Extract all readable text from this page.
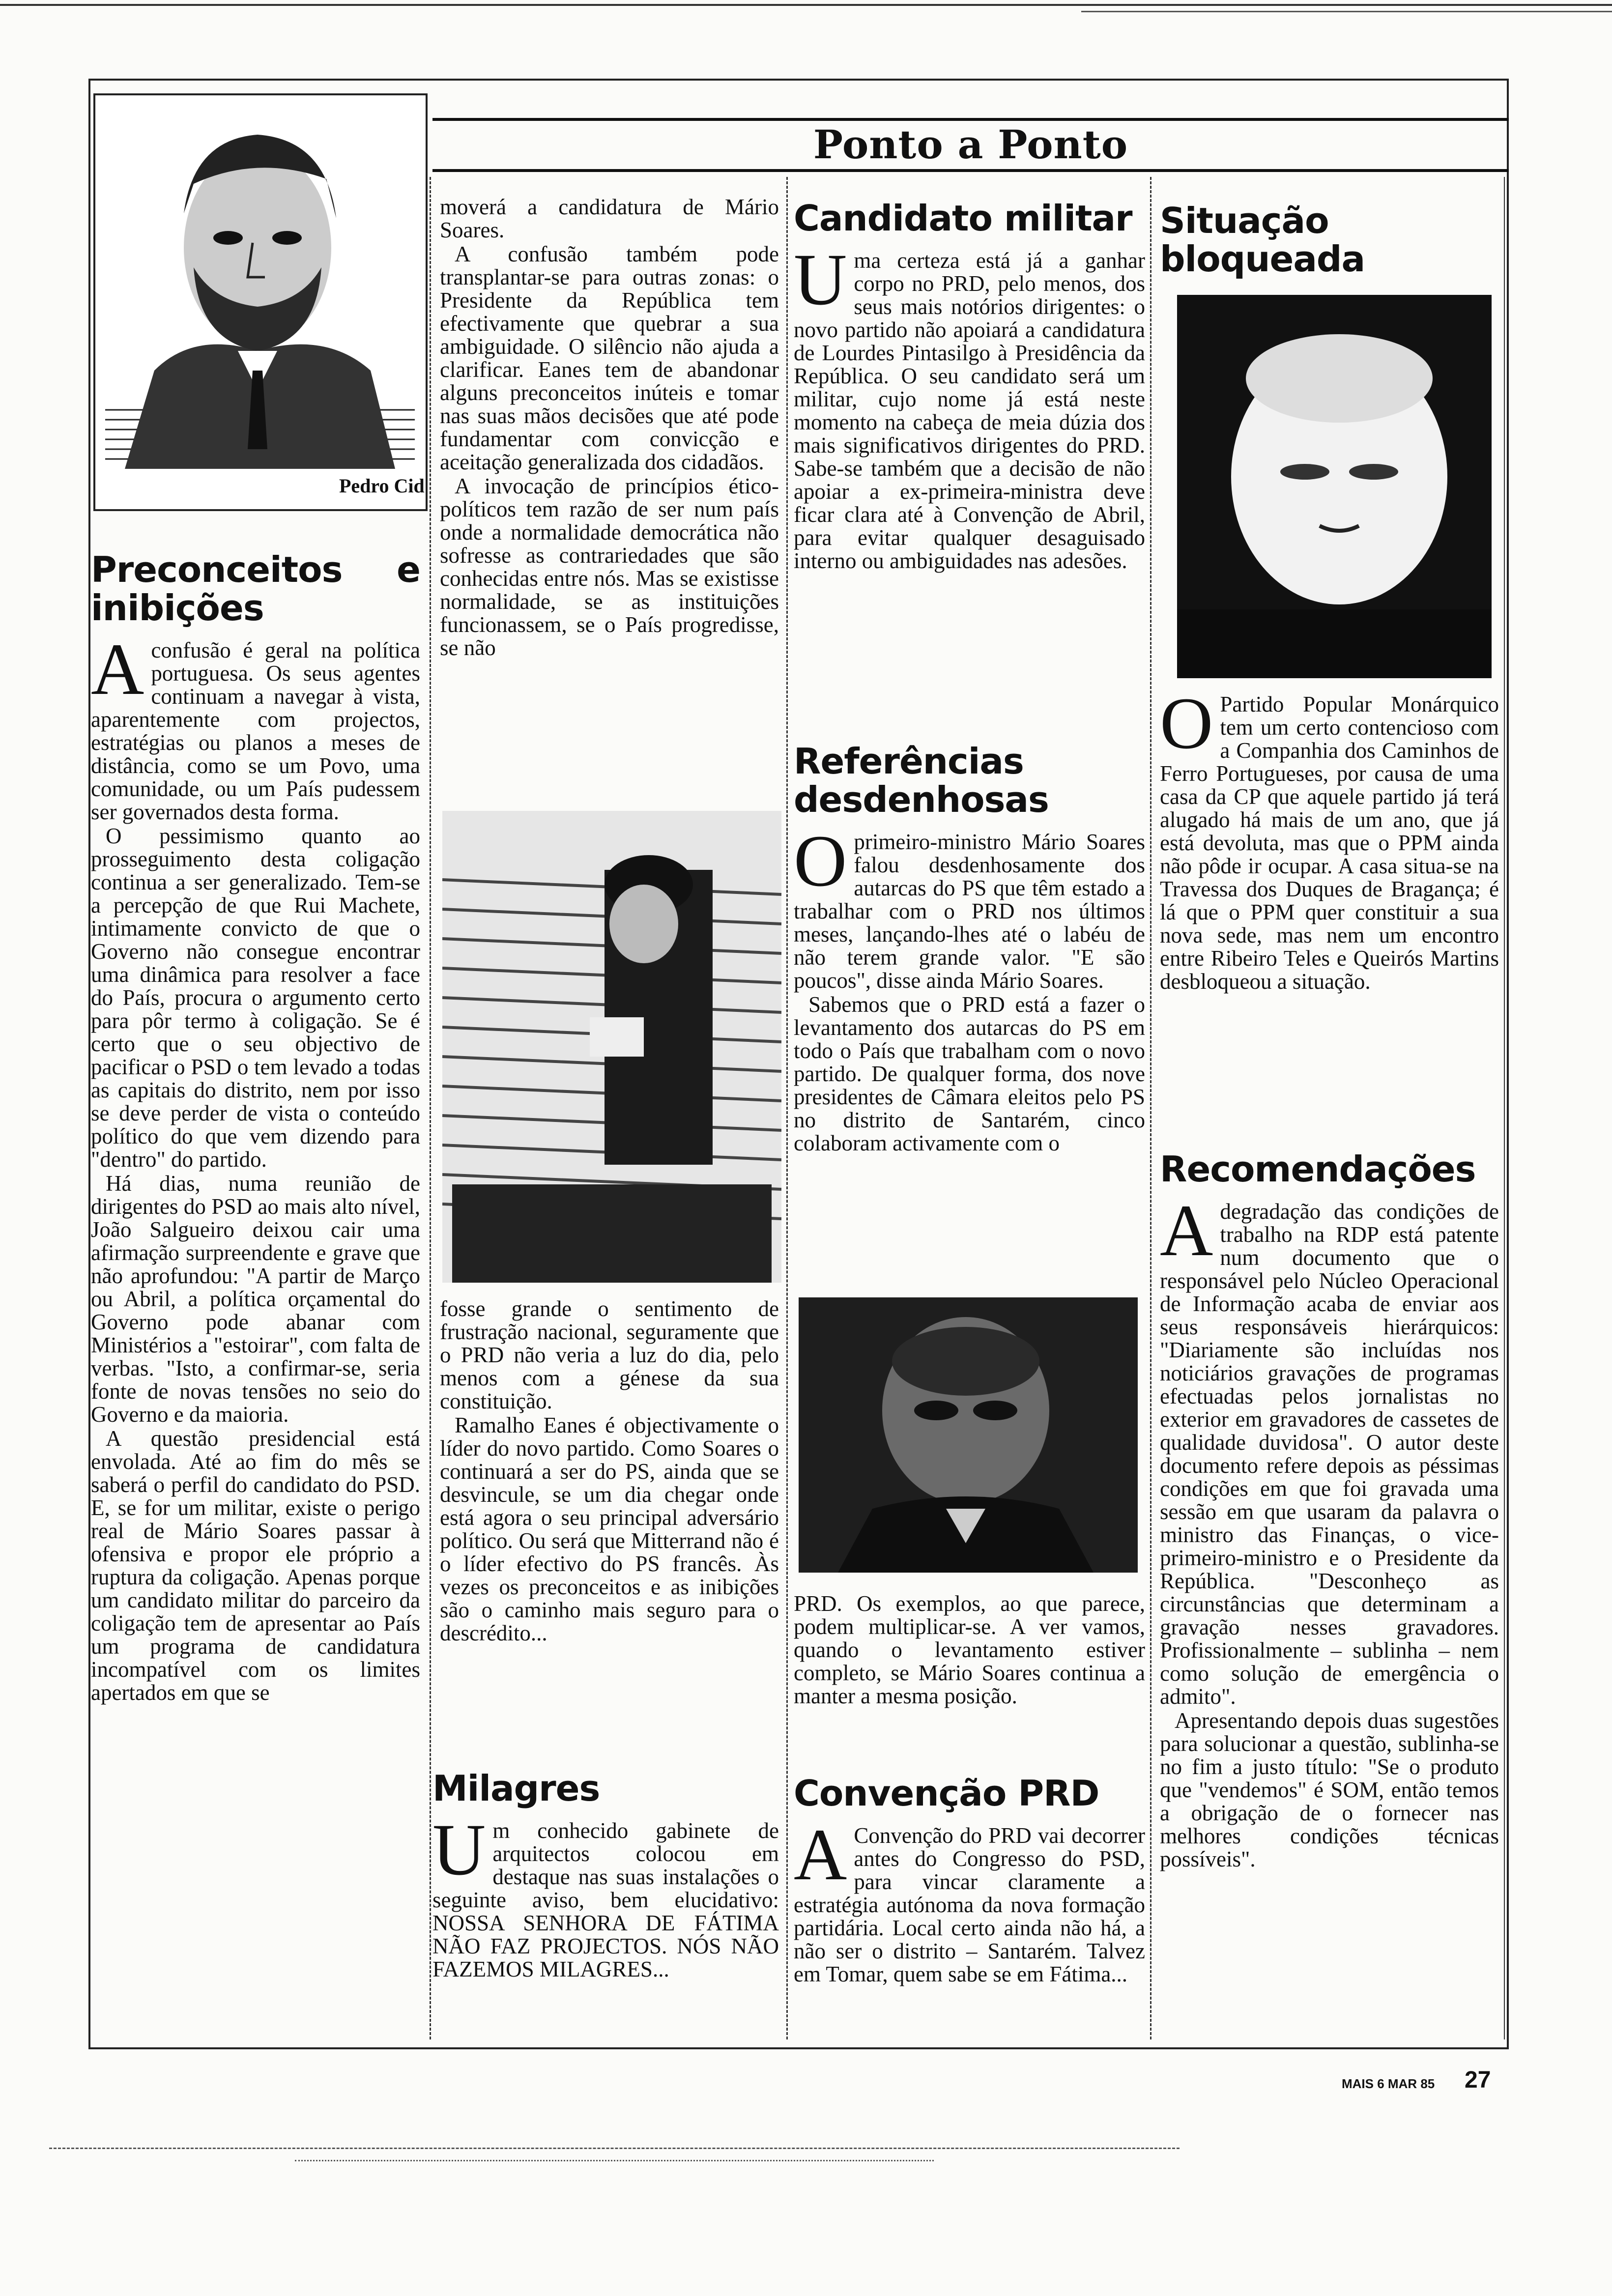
Pedro Cid
Ponto a Ponto
Preconceitos e inibições

Aconfusão é geral na política portuguesa. Os seus agentes continuam a navegar à vista, aparentemente com projectos, estratégias ou planos a meses de distância, como se um Povo, uma comunidade, ou um País pudessem ser governados desta forma.

O pessimismo quanto ao prosseguimento desta coligação continua a ser generalizado. Tem-se a percepção de que Rui Machete, intimamente convicto de que o Governo não consegue encontrar uma dinâmica para resolver a face do País, procura o argumento certo para pôr termo à coligação. Se é certo que o seu objectivo de pacificar o PSD o tem levado a todas as capitais do distrito, nem por isso se deve perder de vista o conteúdo político do que vem dizendo para "dentro" do partido.

Há dias, numa reunião de dirigentes do PSD ao mais alto nível, João Salgueiro deixou cair uma afirmação surpreendente e grave que não aprofundou: "A partir de Março ou Abril, a política orçamental do Governo pode abanar com Ministérios a "estoirar", com falta de verbas. "Isto, a confirmar-se, seria fonte de novas tensões no seio do Governo e da maioria.

A questão presidencial está envolada. Até ao fim do mês se saberá o perfil do candidato do PSD. E, se for um militar, existe o perigo real de Mário Soares passar à ofensiva e propor ele próprio a ruptura da coligação. Apenas porque um candidato militar do parceiro da coligação tem de apresentar ao País um programa de candidatura incompatível com os limites apertados em que se

moverá a candidatura de Mário Soares.

A confusão também pode transplantar-se para outras zonas: o Presidente da República tem efectivamente que quebrar a sua ambiguidade. O silêncio não ajuda a clarificar. Eanes tem de abandonar alguns preconceitos inúteis e tomar nas suas mãos decisões que até pode fundamentar com convicção e aceitação generalizada dos cidadãos.

A invocação de princípios ético-políticos tem razão de ser num país onde a normalidade democrática não sofresse as contrariedades que são conhecidas entre nós. Mas se existisse normalidade, se as instituições funcionassem, se o País progredisse, se não

fosse grande o sentimento de frustração nacional, seguramente que o PRD não veria a luz do dia, pelo menos com a génese da sua constituição.

Ramalho Eanes é objectivamente o líder do novo partido. Como Soares o continuará a ser do PS, ainda que se desvincule, se um dia chegar onde está agora o seu principal adversário político. Ou será que Mitterrand não é o líder efectivo do PS francês. Às vezes os preconceitos e as inibições são o caminho mais seguro para o descrédito...

Milagres

Um conhecido gabinete de arquitectos colocou em destaque nas suas instalações o seguinte aviso, bem elucidativo: NOSSA SENHORA DE FÁTIMA NÃO FAZ PROJECTOS. NÓS NÃO FAZEMOS MILAGRES...

Candidato militar

Uma certeza está já a ganhar corpo no PRD, pelo menos, dos seus mais notórios dirigentes: o novo partido não apoiará a candidatura de Lourdes Pintasilgo à Presidência da República. O seu candidato será um militar, cujo nome já está neste momento na cabeça de meia dúzia dos mais significativos dirigentes do PRD. Sabe-se também que a decisão de não apoiar a ex-primeira-ministra deve ficar clara até à Convenção de Abril, para evitar qualquer desaguisado interno ou ambiguidades nas adesões.

Referências desdenhosas

Oprimeiro-ministro Mário Soares falou desdenhosamente dos autarcas do PS que têm estado a trabalhar com o PRD nos últimos meses, lançando-lhes até o labéu de não terem grande valor. "E são poucos", disse ainda Mário Soares.

Sabemos que o PRD está a fazer o levantamento dos autarcas do PS em todo o País que trabalham com o novo partido. De qualquer forma, dos nove presidentes de Câmara eleitos pelo PS no distrito de Santarém, cinco colaboram activamente com o

PRD. Os exemplos, ao que parece, podem multiplicar-se. A ver vamos, quando o levantamento estiver completo, se Mário Soares continua a manter a mesma posição.

Convenção PRD

A Convenção do PRD vai decorrer antes do Congresso do PSD, para vincar claramente a estratégia autónoma da nova formação partidária. Local certo ainda não há, a não ser o distrito – Santarém. Talvez em Tomar, quem sabe se em Fátima...

Situação bloqueada

O Partido Popular Monárquico tem um certo contencioso com a Companhia dos Caminhos de Ferro Portugueses, por causa de uma casa da CP que aquele partido já terá alugado há mais de um ano, que já está devoluta, mas que o PPM ainda não pôde ir ocupar. A casa situa-se na Travessa dos Duques de Bragança; é lá que o PPM quer constituir a sua nova sede, mas nem um encontro entre Ribeiro Teles e Queirós Martins desbloqueou a situação.

Recomendações

Adegradação das condições de trabalho na RDP está patente num documento que o responsável pelo Núcleo Operacional de Informação acaba de enviar aos seus responsáveis hierárquicos: "Diariamente são incluídas nos noticiários gravações de programas efectuadas pelos jornalistas no exterior em gravadores de cassetes de qualidade duvidosa". O autor deste documento refere depois as péssimas condições em que foi gravada uma sessão em que usaram da palavra o ministro das Finanças, o vice-primeiro-ministro e o Presidente da República. "Desconheço as circunstâncias que determinam a gravação nesses gravadores. Profissionalmente – sublinha – nem como solução de emergência o admito".

Apresentando depois duas sugestões para solucionar a questão, sublinha-se no fim a justo título: "Se o produto que "vendemos" é SOM, então temos a obrigação de o fornecer nas melhores condições técnicas possíveis".

MAIS 6 MAR 85 27
